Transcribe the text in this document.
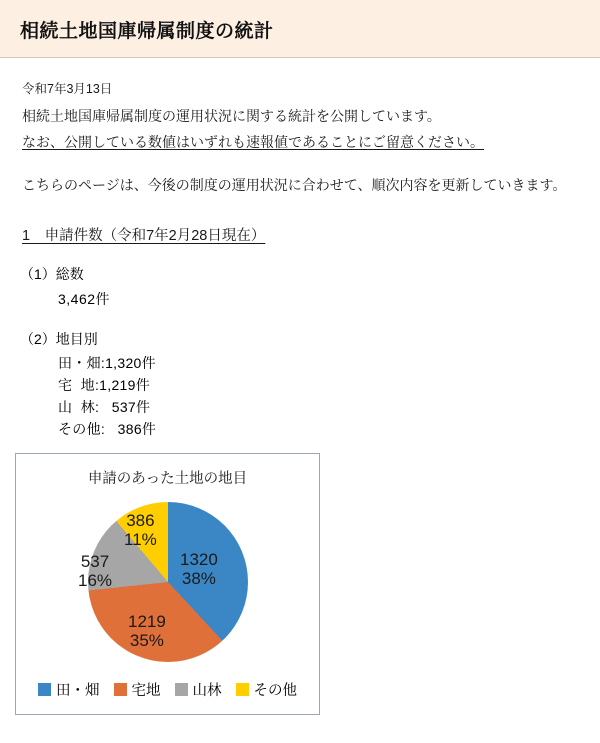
相続土地国庫帰属制度の統計
令和7年3月13日
相続土地国庫帰属制度の運用状況に関する統計を公開しています。
なお、公開している数値はいずれも速報値であることにご留意ください。
こちらのページは、今後の制度の運用状況に合わせて、順次内容を更新していきます。
1　申請件数（令和7年2月28日現在）
（1）総数
3,462件
（2）地目別
田・畑:1,320件
宅  地:1,219件
山  林:   537件
その他:   386件
申請のあった土地の地目
1320
38%
1219
35%
537
16%
386
11%
田・畑 宅地 山林 その他
